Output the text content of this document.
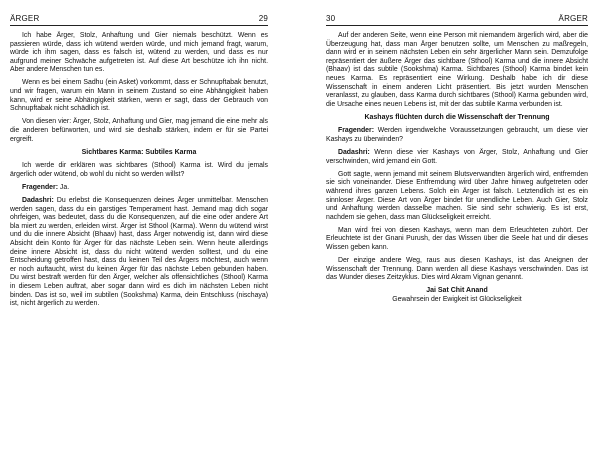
ÄRGER	29

Ich habe Ärger, Stolz, Anhaftung und Gier niemals beschützt. Wenn es passieren würde, dass ich wütend werden würde, und mich jemand fragt, warum, würde ich ihm sagen, dass es falsch ist, wütend zu werden, und dass es nur aufgrund meiner Schwäche aufgetreten ist. Auf diese Art beschütze ich ihn nicht. Aber andere Menschen tun es.

Wenn es bei einem Sadhu (ein Asket) vorkommt, dass er Schnupftabak benutzt, und wir fragen, warum ein Mann in seinem Zustand so eine Abhängigkeit haben kann, wird er seine Abhängigkeit stärken, wenn er sagt, dass der Gebrauch von Schnupftabak nicht schädlich ist.

Von diesen vier: Ärger, Stolz, Anhaftung und Gier, mag jemand die eine mehr als die anderen befürworten, und wird sie deshalb stärken, indem er für sie Partei ergreift.

Sichtbares Karma: Subtiles Karma

Ich werde dir erklären was sichtbares (Sthool) Karma ist. Wird du jemals ärgerlich oder wütend, ob wohl du nicht so werden willst?

Fragender: Ja.

Dadashri: Du erlebst die Konsequenzen deines Ärger unmittelbar. Menschen werden sagen, dass du ein garstiges Temperament hast. Jemand mag dich sogar ohrfeigen, was bedeutet, dass du die Konsequenzen, auf die eine oder andere Art bla miert zu werden, erleiden wirst. Ärger ist Sthool (Karma). Wenn du wütend wirst und du die innere Absicht (Bhaav) hast, dass Ärger notwendig ist, dann wird diese Absicht dein Konto für Ärger für das nächste Leben sein. Wenn heute allerdings deine innere Absicht ist, dass du nicht wütend werden solltest, und du eine Entscheidung getroffen hast, dass du keinen Teil des Ärgers möchtest, auch wenn er noch auftaucht, wirst du keinen Ärger für das nächste Leben gebunden haben. Du wirst bestraft werden für den Ärger, welcher als offensichtliches (Sthool) Karma in diesem Leben auftrat, aber sogar dann wird es dich im nächsten Leben nicht binden. Das ist so, weil im subtilen (Sookshma) Karma, dein Entschluss (nischaya) ist, nicht ärgerlich zu werden.

30	ÄRGER

Auf der anderen Seite, wenn eine Person mit niemandem ärgerlich wird, aber die Überzeugung hat, dass man Ärger benutzen sollte, um Menschen zu maßregeln, dann wird er in seinem nächsten Leben ein sehr ärgerlicher Mann sein. Demzufolge repräsentiert der äußere Ärger das sichtbare (Sthool) Karma und die innere Absicht (Bhaav) ist das subtile (Sookshma) Karma. Sichtbares (Sthool) Karma bindet kein neues Karma. Es repräsentiert eine Wirkung. Deshalb habe ich dir diese Wissenschaft in einem anderen Licht präsentiert. Bis jetzt wurden Menschen veranlasst, zu glauben, dass Karma durch sichtbares (Sthool) Karma gebunden wird, die Ursache eines neuen Lebens ist, mit der das subtile Karma verbunden ist.

Kashays flüchten durch die Wissenschaft der Trennung

Fragender: Werden irgendwelche Voraussetzungen gebraucht, um diese vier Kashays zu überwinden?

Dadashri: Wenn diese vier Kashays von Ärger, Stolz, Anhaftung und Gier verschwinden, wird jemand ein Gott.

Gott sagte, wenn jemand mit seinem Blutsverwandten ärgerlich wird, entfremden sie sich voneinander. Diese Entfremdung wird über Jahre hinweg aufgetreten oder während ihres ganzen Lebens. Solch ein Ärger ist falsch. Letztendlich ist es ein sinnloser Ärger. Diese Art von Ärger bindet für unendliche Leben. Auch Gier, Stolz und Anhaftung werden dasselbe machen. Sie sind sehr schwierig. Es ist erst, nachdem sie gehen, dass man Glückseligkeit erreicht.

Man wird frei von diesen Kashays, wenn man dem Erleuchteten zuhört. Der Erleuchtete ist der Gnani Purush, der das Wissen über die Seele hat und dir dieses Wissen geben kann.

Der einzige andere Weg, raus aus diesen Kashays, ist das Aneignen der Wissenschaft der Trennung. Dann werden all diese Kashays verschwinden. Das ist das Wunder dieses Zeitzyklus. Dies wird Akram Vignan genannt.

Jai Sat Chit Anand

Gewahrsein der Ewigkeit ist Glückseligkeit
